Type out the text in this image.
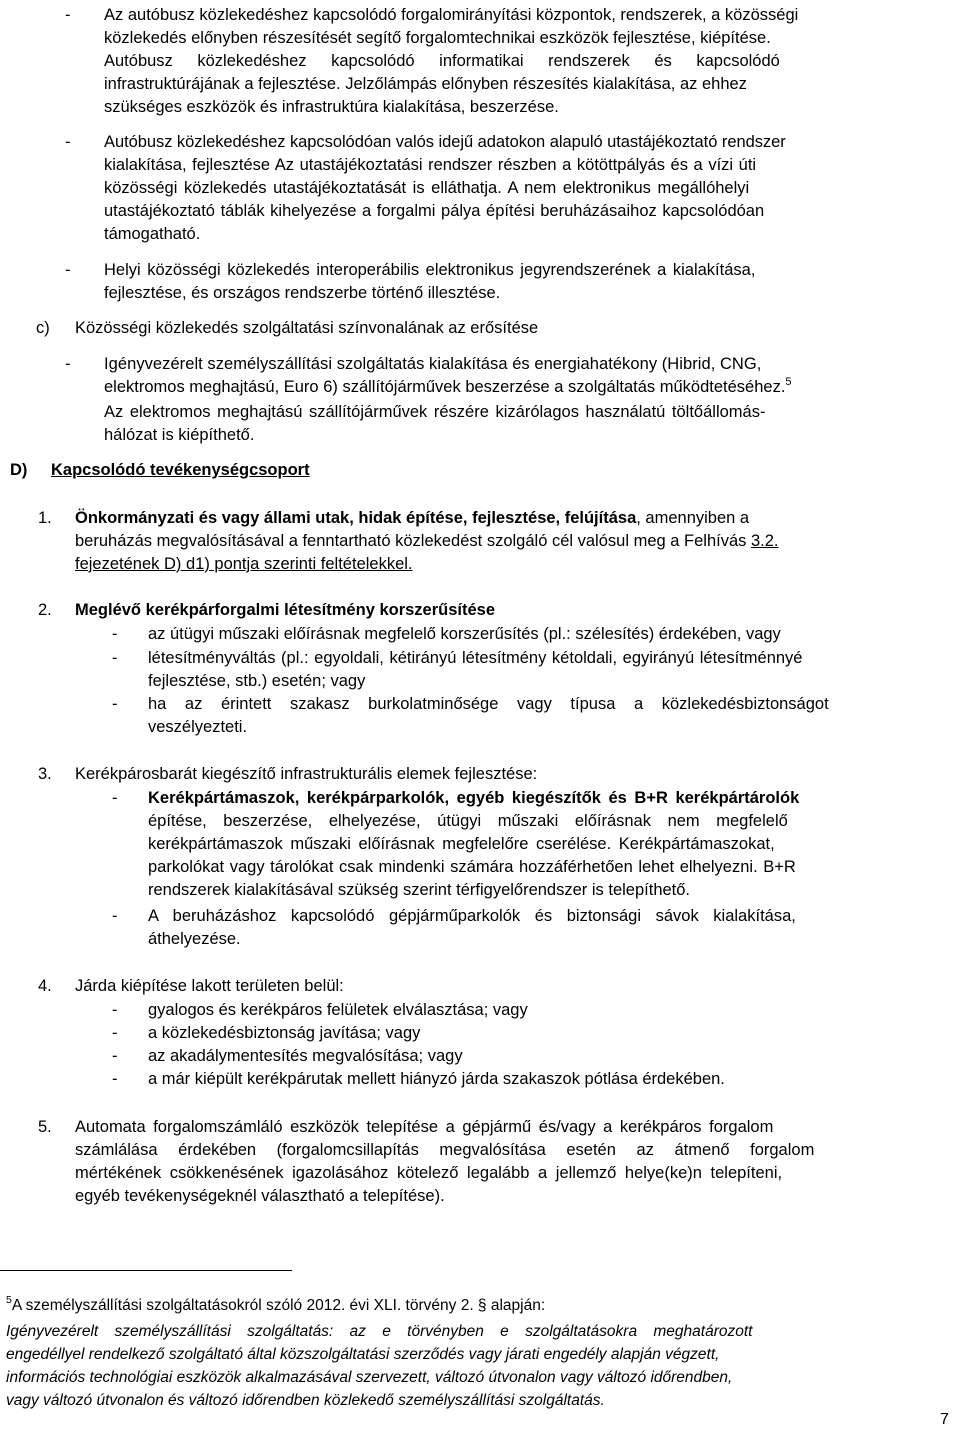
- Az autóbusz közlekedéshez kapcsolódó forgalomirányítási központok, rendszerek, a közösségi
közlekedés előnyben részesítését segítő forgalomtechnikai eszközök fejlesztése, kiépítése.
Autóbusz közlekedéshez kapcsolódó informatikai rendszerek és kapcsolódó
infrastruktúrájának a fejlesztése. Jelzőlámpás előnyben részesítés kialakítása, az ehhez
szükséges eszközök és infrastruktúra kialakítása, beszerzése.
- Autóbusz közlekedéshez kapcsolódóan valós idejű adatokon alapuló utastájékoztató rendszer
kialakítása, fejlesztése Az utastájékoztatási rendszer részben a kötöttpályás és a vízi úti
közösségi közlekedés utastájékoztatását is elláthatja. A nem elektronikus megállóhelyi
utastájékoztató táblák kihelyezése a forgalmi pálya építési beruházásaihoz kapcsolódóan
támogatható.
- Helyi közösségi közlekedés interoperábilis elektronikus jegyrendszerének a kialakítása,
fejlesztése, és országos rendszerbe történő illesztése.
c) Közösségi közlekedés szolgáltatási színvonalának az erősítése
- Igényvezérelt személyszállítási szolgáltatás kialakítása és energiahatékony (Hibrid, CNG,
elektromos meghajtású, Euro 6) szállítójárművek beszerzése a szolgáltatás működtetéséhez.$^5$
Az elektromos meghajtású szállítójárművek részére kizárólagos használatú töltőállomás-
hálózat is kiépíthető.
D) Kapcsolódó tevékenységcsoport
1. Önkormányzati és vagy állami utak, hidak építése, fejlesztése, felújítása, amennyiben a
beruházás megvalósításával a fenntartható közlekedést szolgáló cél valósul meg a Felhívás 3.2.
fejezetének D) d1) pontja szerinti feltételekkel.
2. Meglévő kerékpárforgalmi létesítmény korszerűsítése
- az útügyi műszaki előírásnak megfelelő korszerűsítés (pl.: szélesítés) érdekében, vagy
- létesítményváltás (pl.: egyoldali, kétirányú létesítmény kétoldali, egyirányú létesítménnyé
fejlesztése, stb.) esetén; vagy
- ha az érintett szakasz burkolatminősége vagy típusa a közlekedésbiztonságot
veszélyezteti.
3. Kerékpárosbarát kiegészítő infrastrukturális elemek fejlesztése:
- Kerékpártámaszok, kerékpárparkolók, egyéb kiegészítők és B+R kerékpártárolók
építése, beszerzése, elhelyezése, útügyi műszaki előírásnak nem megfelelő
kerékpártámaszok műszaki előírásnak megfelelőre cserélése. Kerékpártámaszokat,
parkolókat vagy tárolókat csak mindenki számára hozzáférhetően lehet elhelyezni. B+R
rendszerek kialakításával szükség szerint térfigyelőrendszer is telepíthető.
- A beruházáshoz kapcsolódó gépjárműparkolók és biztonsági sávok kialakítása,
áthelyezése.
4. Járda kiépítése lakott területen belül:
- gyalogos és kerékpáros felületek elválasztása; vagy
- a közlekedésbiztonság javítása; vagy
- az akadálymentesítés megvalósítása; vagy
- a már kiépült kerékpárutak mellett hiányzó járda szakaszok pótlása érdekében.
5. Automata forgalomszámláló eszközök telepítése a gépjármű és/vagy a kerékpáros forgalom
számlálása érdekében (forgalomcsillapítás megvalósítása esetén az átmenő forgalom
mértékének csökkenésének igazolásához kötelező legalább a jellemző helye(ke)n telepíteni,
egyéb tevékenységeknél választható a telepítése).
$^5$A személyszállítási szolgáltatásokról szóló 2012. évi XLI. törvény 2. § alapján:
Igényvezérelt személyszállítási szolgáltatás: az e törvényben e szolgáltatásokra meghatározott
engedéllyel rendelkező szolgáltató által közszolgáltatási szerződés vagy járati engedély alapján végzett,
információs technológiai eszközök alkalmazásával szervezett, változó útvonalon vagy változó időrendben,
vagy változó útvonalon és változó időrendben közlekedő személyszállítási szolgáltatás.
7
